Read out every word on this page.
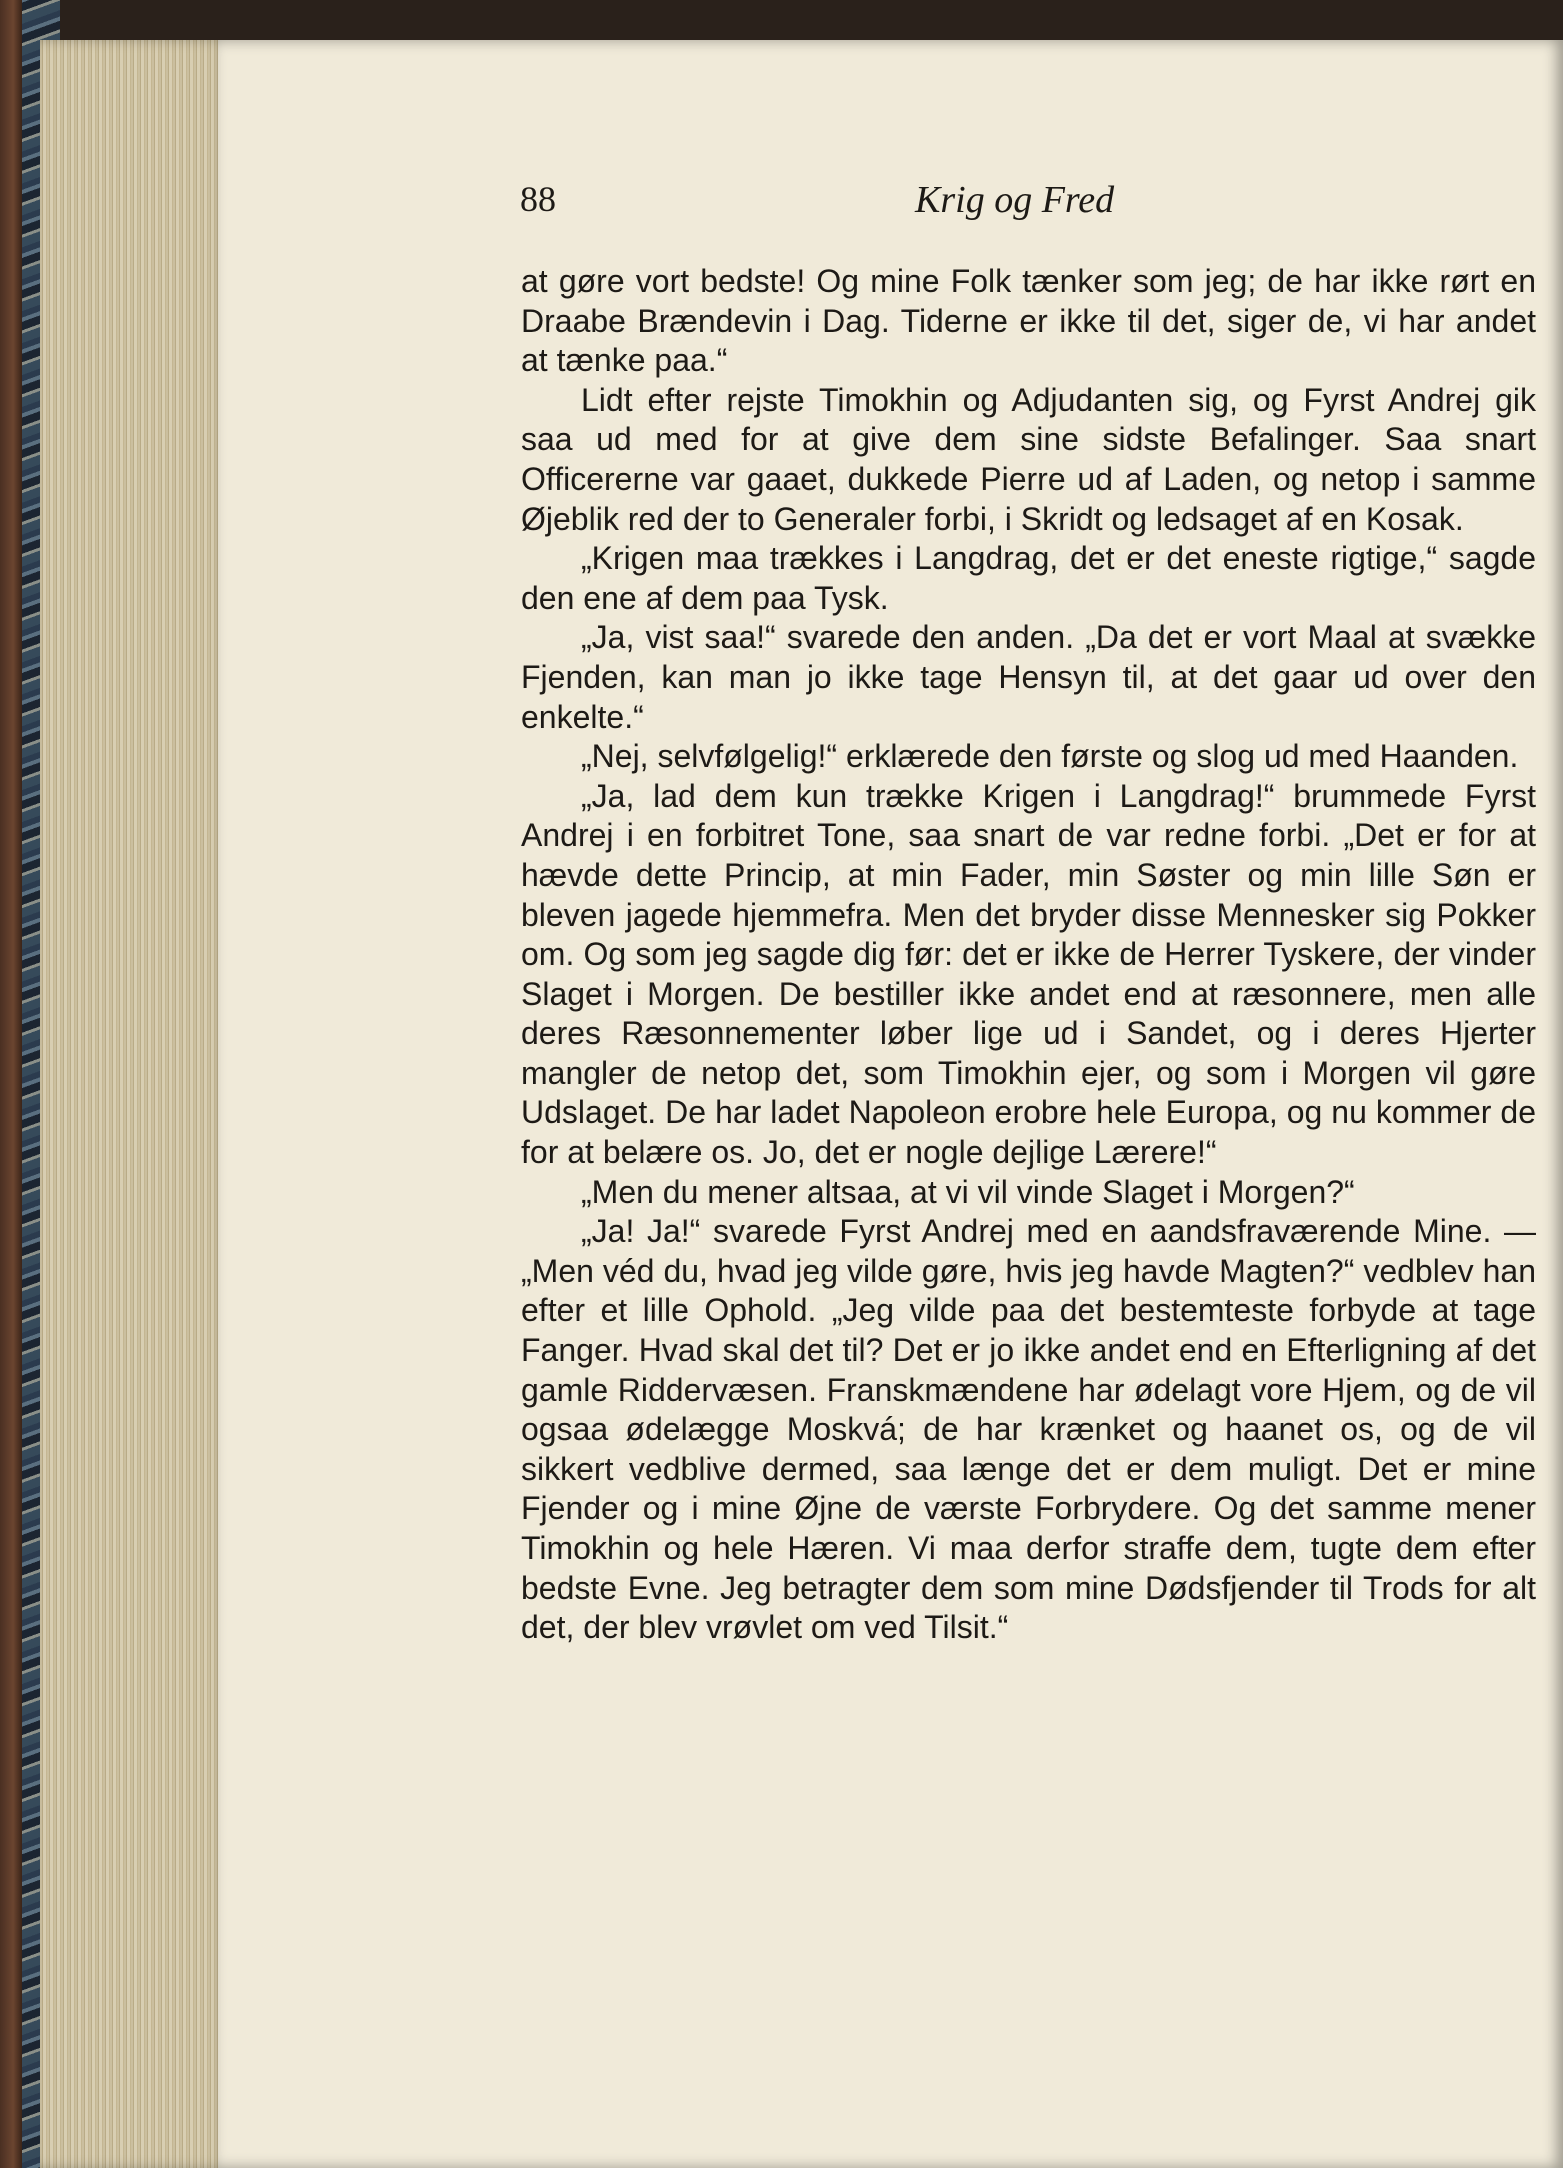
88	Krig og Fred

at gøre vort bedste! Og mine Folk tænker som jeg; de har ikke rørt en Draabe Brændevin i Dag. Tiderne er ikke til det, siger de, vi har andet at tænke paa.“

Lidt efter rejste Timokhin og Adjudanten sig, og Fyrst Andrej gik saa ud med for at give dem sine sidste Befalinger. Saa snart Officererne var gaaet, dukkede Pierre ud af Laden, og netop i samme Øjeblik red der to Generaler forbi, i Skridt og ledsaget af en Kosak.

„Krigen maa trækkes i Langdrag, det er det eneste rigtige,“ sagde den ene af dem paa Tysk.

„Ja, vist saa!“ svarede den anden. „Da det er vort Maal at svække Fjenden, kan man jo ikke tage Hensyn til, at det gaar ud over den enkelte.“

„Nej, selvfølgelig!“ erklærede den første og slog ud med Haanden.

„Ja, lad dem kun trække Krigen i Langdrag!“ brummede Fyrst Andrej i en forbitret Tone, saa snart de var redne forbi. „Det er for at hævde dette Princip, at min Fader, min Søster og min lille Søn er bleven jagede hjemmefra. Men det bryder disse Mennesker sig Pokker om. Og som jeg sagde dig før: det er ikke de Herrer Tyskere, der vinder Slaget i Morgen. De bestiller ikke andet end at ræsonnere, men alle deres Ræsonnementer løber lige ud i Sandet, og i deres Hjerter mangler de netop det, som Timokhin ejer, og som i Morgen vil gøre Udslaget. De har ladet Napoleon erobre hele Europa, og nu kommer de for at belære os. Jo, det er nogle dejlige Lærere!“

„Men du mener altsaa, at vi vil vinde Slaget i Morgen?“

„Ja! Ja!“ svarede Fyrst Andrej med en aandsfraværende Mine. — „Men véd du, hvad jeg vilde gøre, hvis jeg havde Magten?“ vedblev han efter et lille Ophold. „Jeg vilde paa det bestemteste forbyde at tage Fanger. Hvad skal det til? Det er jo ikke andet end en Efterligning af det gamle Riddervæsen. Franskmændene har ødelagt vore Hjem, og de vil ogsaa ødelægge Moskvá; de har krænket og haanet os, og de vil sikkert vedblive dermed, saa længe det er dem muligt. Det er mine Fjender og i mine Øjne de værste Forbrydere. Og det samme mener Timokhin og hele Hæren. Vi maa derfor straffe dem, tugte dem efter bedste Evne. Jeg betragter dem som mine Dødsfjender til Trods for alt det, der blev vrøvlet om ved Tilsit.“
